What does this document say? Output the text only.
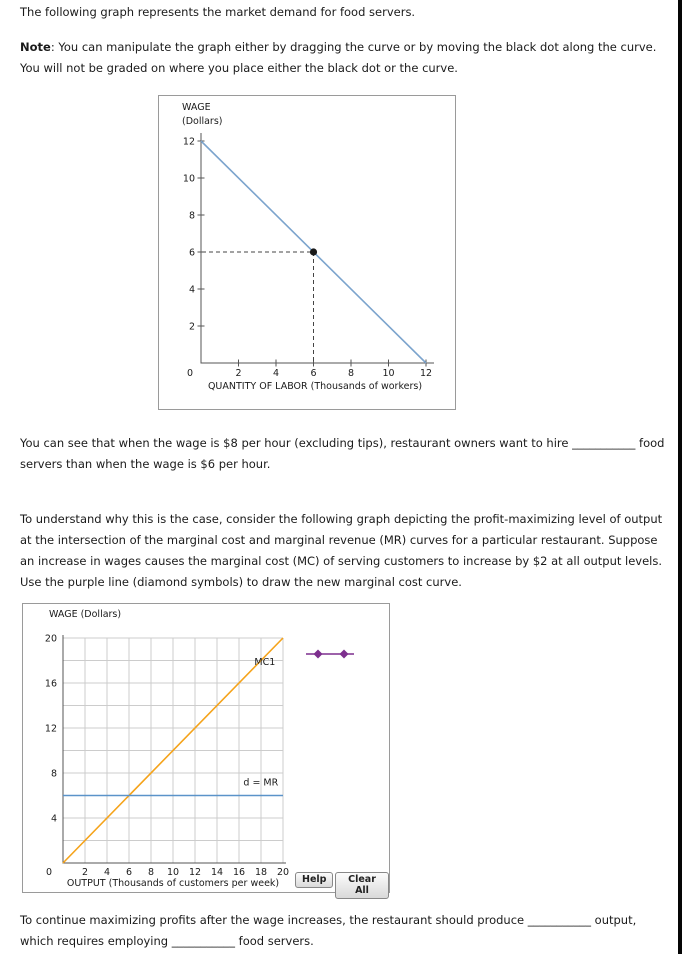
The following graph represents the market demand for food servers.

Note: You can manipulate the graph either by dragging the curve or by moving the black dot along the curve. You will not be graded on where you place either the black dot or the curve.

2
4
6
8
10
12
2	4	6	8	10	12
0
WAGE
(Dollars)
QUANTITY OF LABOR (Thousands of workers)

You can see that when the wage is $8 per hour (excluding tips), restaurant owners want to hire ___________ food servers than when the wage is $6 per hour.

To understand why this is the case, consider the following graph depicting the profit-maximizing level of output at the intersection of the marginal cost and marginal revenue (MR) curves for a particular restaurant. Suppose an increase in wages causes the marginal cost (MC) of serving customers to increase by $2 at all output levels. Use the purple line (diamond symbols) to draw the new marginal cost curve.

4
8
12
16
20
2 4 6 8 10 12 14 16 18 20
0
WAGE (Dollars)
OUTPUT (Thousands of customers per week)
MC1
d = MR
Help	Clear All

To continue maximizing profits after the wage increases, the restaurant should produce ___________ output, which requires employing ___________ food servers.
